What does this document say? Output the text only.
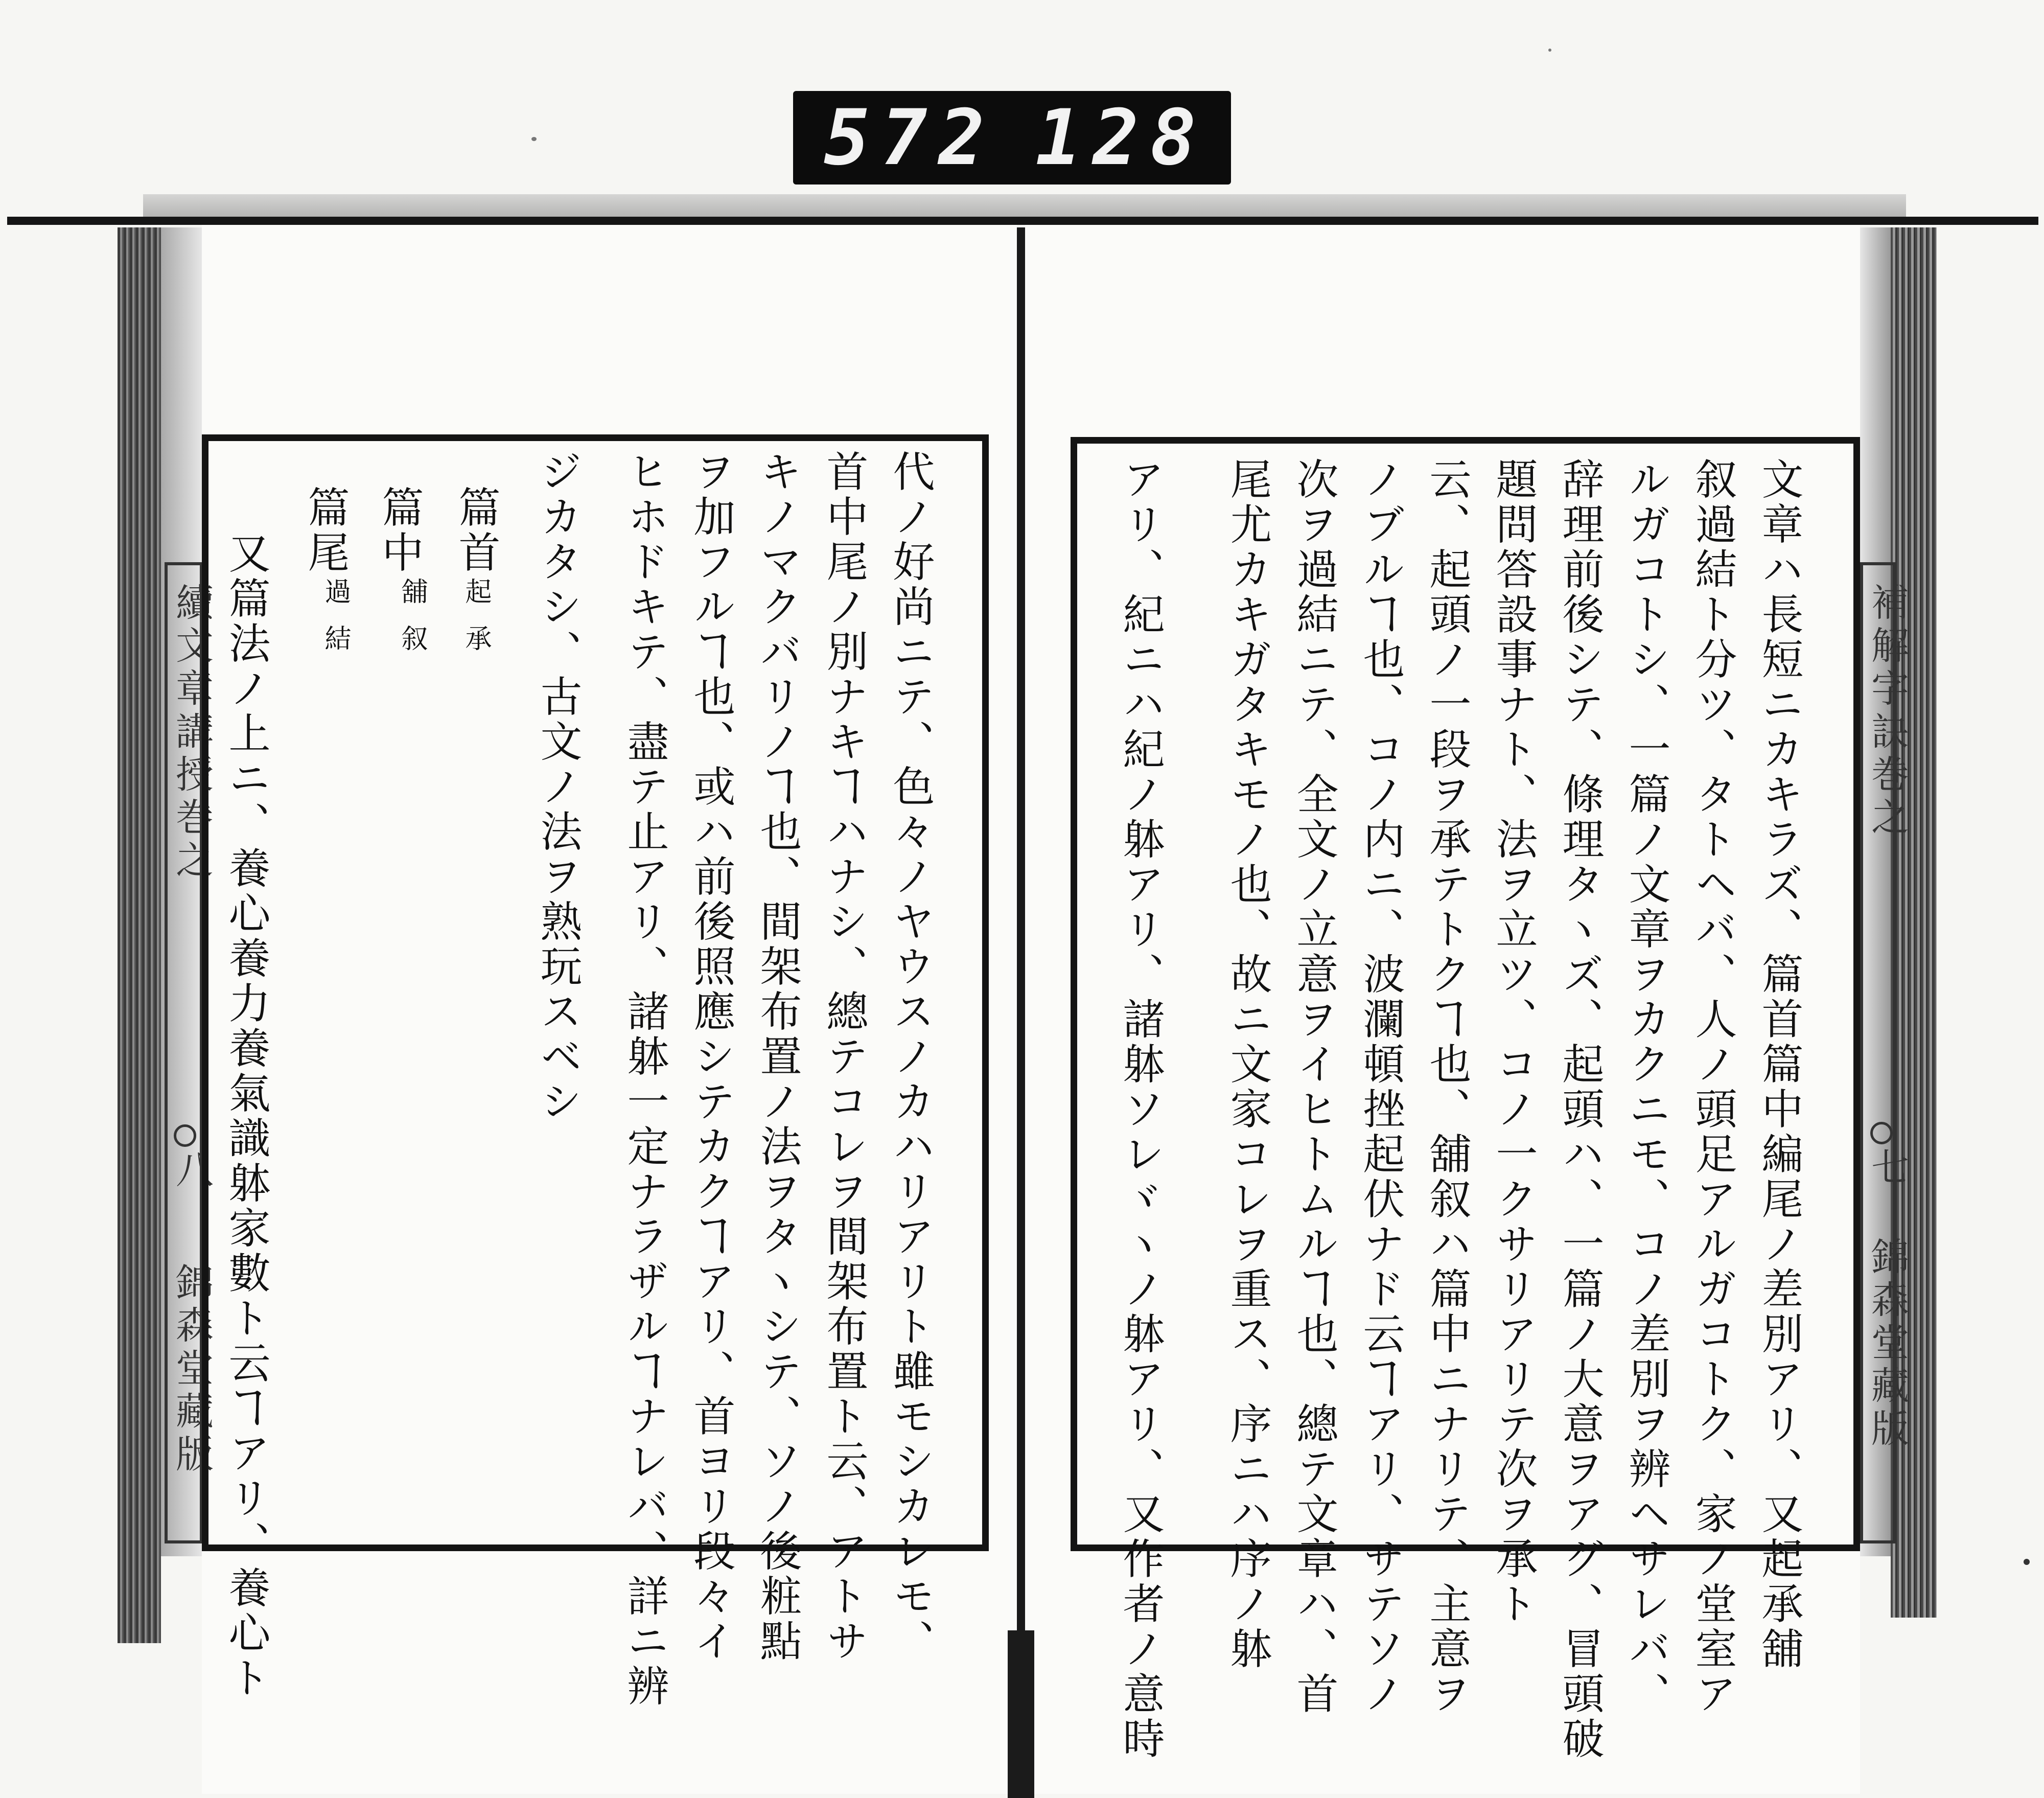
572 128
續文章講授巻之
八
錦森堂藏版
補解字訣巻之
七
錦森堂藏版
文章ハ長短ニカキラズ、篇首篇中編尾ノ差別アリ、又起承舖
叙過結ト分ツ、タトヘバ、人ノ頭足アルガコトク、家ノ堂室ア
ルガコトシ、一篇ノ文章ヲカクニモ、コノ差別ヲ辨ヘサレバ、
辞理前後シテ、條理タヽズ、起頭ハ、一篇ノ大意ヲアグ、冒頭破
題問答設事ナト、法ヲ立ツ、コノ一クサリアリテ次ヲ承ト
云、起頭ノ一段ヲ承テトクヿ也、舖叙ハ篇中ニナリテ、主意ヲ
ノブルヿ也、コノ内ニ、波瀾頓挫起伏ナド云ヿアリ、サテソノ
次ヲ過結ニテ、全文ノ立意ヲイヒトムルヿ也、總テ文章ハ、首
尾尤カキガタキモノ也、故ニ文家コレヲ重ス、序ニハ序ノ躰
アリ、紀ニハ紀ノ躰アリ、諸躰ソレヾヽノ躰アリ、又作者ノ意時
代ノ好尚ニテ、色々ノヤウスノカハリアリト雖モシカレモ、
首中尾ノ別ナキヿハナシ、總テコレヲ間架布置ト云、アトサ
キノマクバリノヿ也、間架布置ノ法ヲタヽシテ、ソノ後粧點
ヲ加フルヿ也、或ハ前後照應シテカクヿアリ、首ヨリ段々イ
ヒホドキテ、盡テ止アリ、諸躰一定ナラザルヿナレバ、詳ニ辨
ジカタシ、古文ノ法ヲ熟玩スベシ
篇首
起承
篇中
舖叙
篇尾
過結
又篇法ノ上ニ、養心養力養氣識躰家數ト云ヿアリ、養心ト
